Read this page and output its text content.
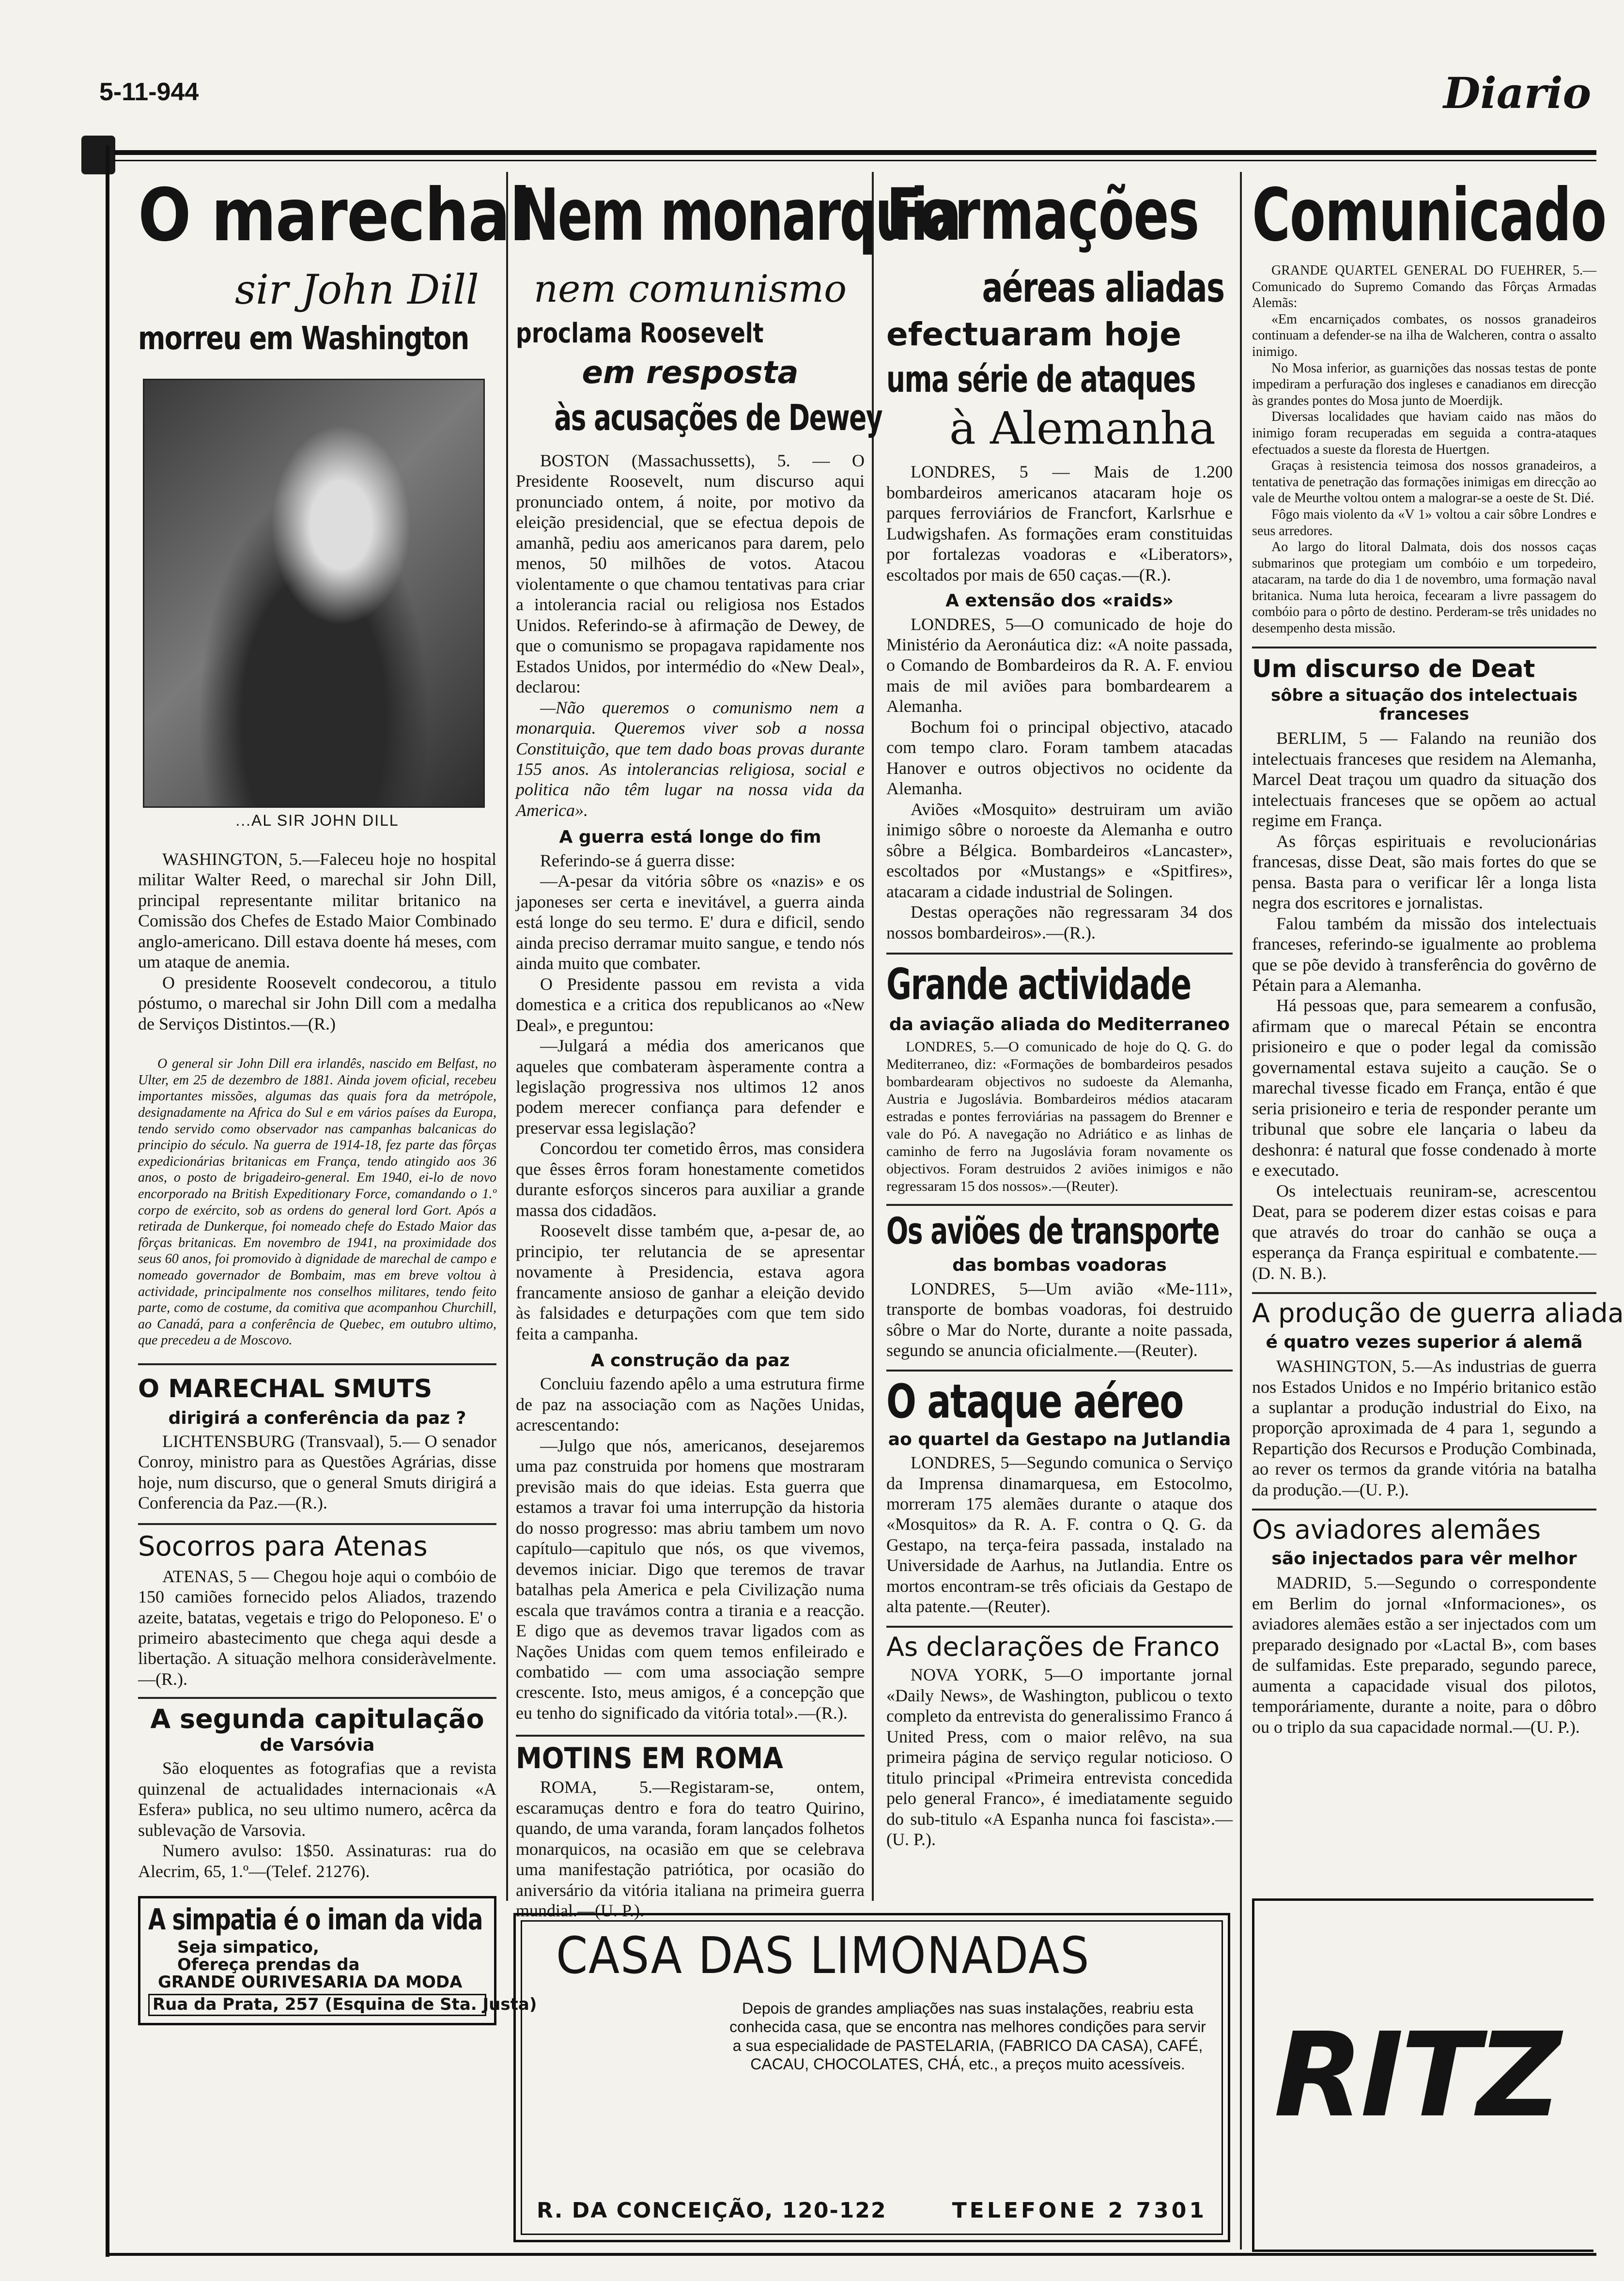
5-11-944	Diario
O marechal
sir John Dill
morreu em Washington
...AL SIR JOHN DILL

WASHINGTON, 5.—Faleceu hoje no hospital militar Walter Reed, o marechal sir John Dill, principal representante militar britanico na Comissão dos Chefes de Estado Maior Combinado anglo-americano. Dill estava doente há meses, com um ataque de anemia.

O presidente Roosevelt condecorou, a titulo póstumo, o marechal sir John Dill com a medalha de Serviços Distintos.—(R.)

O general sir John Dill era irlandês, nascido em Belfast, no Ulter, em 25 de dezembro de 1881. Ainda jovem oficial, recebeu importantes missões, algumas das quais fora da metrópole, designadamente na Africa do Sul e em vários países da Europa, tendo servido como observador nas campanhas balcanicas do principio do século. Na guerra de 1914-18, fez parte das fôrças expedicionárias britanicas em França, tendo atingido aos 36 anos, o posto de brigadeiro-general. Em 1940, ei-lo de novo encorporado na British Expeditionary Force, comandando o 1.º corpo de exército, sob as ordens do general lord Gort. Após a retirada de Dunkerque, foi nomeado chefe do Estado Maior das fôrças britanicas. Em novembro de 1941, na proximidade dos seus 60 anos, foi promovido à dignidade de marechal de campo e nomeado governador de Bombaim, mas em breve voltou à actividade, principalmente nos conselhos militares, tendo feito parte, como de costume, da comitiva que acompanhou Churchill, ao Canadá, para a conferência de Quebec, em outubro ultimo, que precedeu a de Moscovo.
O MARECHAL SMUTS
dirigirá a conferência da paz ?

LICHTENSBURG (Transvaal), 5.— O senador Conroy, ministro para as Questões Agrárias, disse hoje, num discurso, que o general Smuts dirigirá a Conferencia da Paz.—(R.).

Socorros para Atenas

ATENAS, 5 — Chegou hoje aqui o combóio de 150 camiões fornecido pelos Aliados, trazendo azeite, batatas, vegetais e trigo do Peloponeso. E' o primeiro abastecimento que chega aqui desde a libertação. A situação melhora consideràvelmente.—(R.).

A segunda capitulação
de Varsóvia

São eloquentes as fotografias que a revista quinzenal de actualidades internacionais «A Esfera» publica, no seu ultimo numero, acêrca da sublevação de Varsovia.

Numero avulso: 1$50. Assinaturas: rua do Alecrim, 65, 1.º—(Telef. 21276).

A simpatia é o iman da vida
Seja simpatico,
Ofereça prendas da
GRANDE OURIVESARIA DA MODA
Rua da Prata, 257 (Esquina de Sta. Justa)
Nem monarquia
nem comunismo
proclama Roosevelt
em resposta
às acusações de Dewey

BOSTON (Massachussetts), 5. — O Presidente Roosevelt, num discurso aqui pronunciado ontem, á noite, por motivo da eleição presidencial, que se efectua depois de amanhã, pediu aos americanos para darem, pelo menos, 50 milhões de votos. Atacou violentamente o que chamou tentativas para criar a intolerancia racial ou religiosa nos Estados Unidos. Referindo-se à afirmação de Dewey, de que o comunismo se propagava rapidamente nos Estados Unidos, por intermédio do «New Deal», declarou:

—Não queremos o comunismo nem a monarquia. Queremos viver sob a nossa Constituição, que tem dado boas provas durante 155 anos. As intolerancias religiosa, social e politica não têm lugar na nossa vida da America».

A guerra está longe do fim

Referindo-se á guerra disse:

—A-pesar da vitória sôbre os «nazis» e os japoneses ser certa e inevitável, a guerra ainda está longe do seu termo. E' dura e dificil, sendo ainda preciso derramar muito sangue, e tendo nós ainda muito que combater.

O Presidente passou em revista a vida domestica e a critica dos republicanos ao «New Deal», e preguntou:

—Julgará a média dos americanos que aqueles que combateram àsperamente contra a legislação progressiva nos ultimos 12 anos podem merecer confiança para defender e preservar essa legislação?

Concordou ter cometido êrros, mas considera que êsses êrros foram honestamente cometidos durante esforços sinceros para auxiliar a grande massa dos cidadãos.

Roosevelt disse também que, a-pesar de, ao principio, ter relutancia de se apresentar novamente à Presidencia, estava agora francamente ansioso de ganhar a eleição devido às falsidades e deturpações com que tem sido feita a campanha.

A construção da paz

Concluiu fazendo apêlo a uma estrutura firme de paz na associação com as Nações Unidas, acrescentando:

—Julgo que nós, americanos, desejaremos uma paz construida por homens que mostraram previsão mais do que ideias. Esta guerra que estamos a travar foi uma interrupção da historia do nosso progresso: mas abriu tambem um novo capítulo—capitulo que nós, os que vivemos, devemos iniciar. Digo que teremos de travar batalhas pela America e pela Civilização numa escala que travámos contra a tirania e a reacção. E digo que as devemos travar ligados com as Nações Unidas com quem temos enfileirado e combatido — com uma associação sempre crescente. Isto, meus amigos, é a concepção que eu tenho do significado da vitória total».—(R.).

MOTINS EM ROMA

ROMA, 5.—Registaram-se, ontem, escaramuças dentro e fora do teatro Quirino, quando, de uma varanda, foram lançados folhetos monarquicos, na ocasião em que se celebrava uma manifestação patriótica, por ocasião do aniversário da vitória italiana na primeira guerra mundial.—(U. P.).

Formações
aéreas aliadas
efectuaram hoje
uma série de ataques
à Alemanha

LONDRES, 5 — Mais de 1.200 bombardeiros americanos atacaram hoje os parques ferroviários de Francfort, Karlsrhue e Ludwigshafen. As formações eram constituidas por fortalezas voadoras e «Liberators», escoltados por mais de 650 caças.—(R.).

A extensão dos «raids»

LONDRES, 5—O comunicado de hoje do Ministério da Aeronáutica diz: «A noite passada, o Comando de Bombardeiros da R. A. F. enviou mais de mil aviões para bombardearem a Alemanha.

Bochum foi o principal objectivo, atacado com tempo claro. Foram tambem atacadas Hanover e outros objectivos no ocidente da Alemanha.

Aviões «Mosquito» destruiram um avião inimigo sôbre o noroeste da Alemanha e outro sôbre a Bélgica. Bombardeiros «Lancaster», escoltados por «Mustangs» e «Spitfires», atacaram a cidade industrial de Solingen.

Destas operações não regressaram 34 dos nossos bombardeiros».—(R.).

Grande actividade
da aviação aliada do Mediterraneo

LONDRES, 5.—O comunicado de hoje do Q. G. do Mediterraneo, diz: «Formações de bombardeiros pesados bombardearam objectivos no sudoeste da Alemanha, Austria e Jugoslávia. Bombardeiros médios atacaram estradas e pontes ferroviárias na passagem do Brenner e vale do Pó. A navegação no Adriático e as linhas de caminho de ferro na Jugoslávia foram novamente os objectivos. Foram destruidos 2 aviões inimigos e não regressaram 15 dos nossos».—(Reuter).

Os aviões de transporte
das bombas voadoras

LONDRES, 5—Um avião «Me-111», transporte de bombas voadoras, foi destruido sôbre o Mar do Norte, durante a noite passada, segundo se anuncia oficialmente.—(Reuter).

O ataque aéreo
ao quartel da Gestapo na Jutlandia

LONDRES, 5—Segundo comunica o Serviço da Imprensa dinamarquesa, em Estocolmo, morreram 175 alemães durante o ataque dos «Mosquitos» da R. A. F. contra o Q. G. da Gestapo, na terça-feira passada, instalado na Universidade de Aarhus, na Jutlandia. Entre os mortos encontram-se três oficiais da Gestapo de alta patente.—(Reuter).

As declarações de Franco

NOVA YORK, 5—O importante jornal «Daily News», de Washington, publicou o texto completo da entrevista do generalissimo Franco á United Press, com o maior relêvo, na sua primeira página de serviço regular noticioso. O titulo principal «Primeira entrevista concedida pelo general Franco», é imediatamente seguido do sub-titulo «A Espanha nunca foi fascista».—(U. P.).

Comunicado

GRANDE QUARTEL GENERAL DO FUEHRER, 5.—Comunicado do Supremo Comando das Fôrças Armadas Alemãs:

«Em encarniçados combates, os nossos granadeiros continuam a defender-se na ilha de Walcheren, contra o assalto inimigo.

No Mosa inferior, as guarnições das nossas testas de ponte impediram a perfuração dos ingleses e canadianos em direcção às grandes pontes do Mosa junto de Moerdijk.

Diversas localidades que haviam caido nas mãos do inimigo foram recuperadas em seguida a contra-ataques efectuados a sueste da floresta de Huertgen.

Graças à resistencia teimosa dos nossos granadeiros, a tentativa de penetração das formações inimigas em direcção ao vale de Meurthe voltou ontem a malograr-se a oeste de St. Dié.

Fôgo mais violento da «V 1» voltou a cair sôbre Londres e seus arredores.

Ao largo do litoral Dalmata, dois dos nossos caças submarinos que protegiam um combóio e um torpedeiro, atacaram, na tarde do dia 1 de novembro, uma formação naval britanica. Numa luta heroica, fecearam a livre passagem do combóio para o pôrto de destino. Perderam-se três unidades no desempenho desta missão.

Um discurso de Deat
sôbre a situação dos intelectuais franceses

BERLIM, 5 — Falando na reunião dos intelectuais franceses que residem na Alemanha, Marcel Deat traçou um quadro da situação dos intelectuais franceses que se opõem ao actual regime em França.

As fôrças espirituais e revolucionárias francesas, disse Deat, são mais fortes do que se pensa. Basta para o verificar lêr a longa lista negra dos escritores e jornalistas.

Falou também da missão dos intelectuais franceses, referindo-se igualmente ao problema que se põe devido à transferência do govêrno de Pétain para a Alemanha.

Há pessoas que, para semearem a confusão, afirmam que o marecal Pétain se encontra prisioneiro e que o poder legal da comissão governamental estava sujeito a caução. Se o marechal tivesse ficado em França, então é que seria prisioneiro e teria de responder perante um tribunal que sobre ele lançaria o labeu da deshonra: é natural que fosse condenado à morte e executado.

Os intelectuais reuniram-se, acrescentou Deat, para se poderem dizer estas coisas e para que através do troar do canhão se ouça a esperança da França espiritual e combatente.—(D. N. B.).

A produção de guerra aliada
é quatro vezes superior á alemã

WASHINGTON, 5.—As industrias de guerra nos Estados Unidos e no Império britanico estão a suplantar a produção industrial do Eixo, na proporção aproximada de 4 para 1, segundo a Repartição dos Recursos e Produção Combinada, ao rever os termos da grande vitória na batalha da produção.—(U. P.).

Os aviadores alemães
são injectados para vêr melhor

MADRID, 5.—Segundo o correspondente em Berlim do jornal «Informaciones», os aviadores alemães estão a ser injectados com um preparado designado por «Lactal B», com bases de sulfamidas. Este preparado, segundo parece, aumenta a capacidade visual dos pilotos, temporáriamente, durante a noite, para o dôbro ou o triplo da sua capacidade normal.—(U. P.).

RITZ
CASA DAS LIMONADAS
Depois de grandes ampliações nas suas instalações, reabriu esta conhecida casa, que se encontra nas melhores condições para servir a sua especialidade de PASTELARIA, (FABRICO DA CASA), CAFÉ, CACAU, CHOCOLATES, CHÁ, etc., a preços muito acessíveis.
R. DA CONCEIÇÃO, 120-122	TELEFONE 2 7301
